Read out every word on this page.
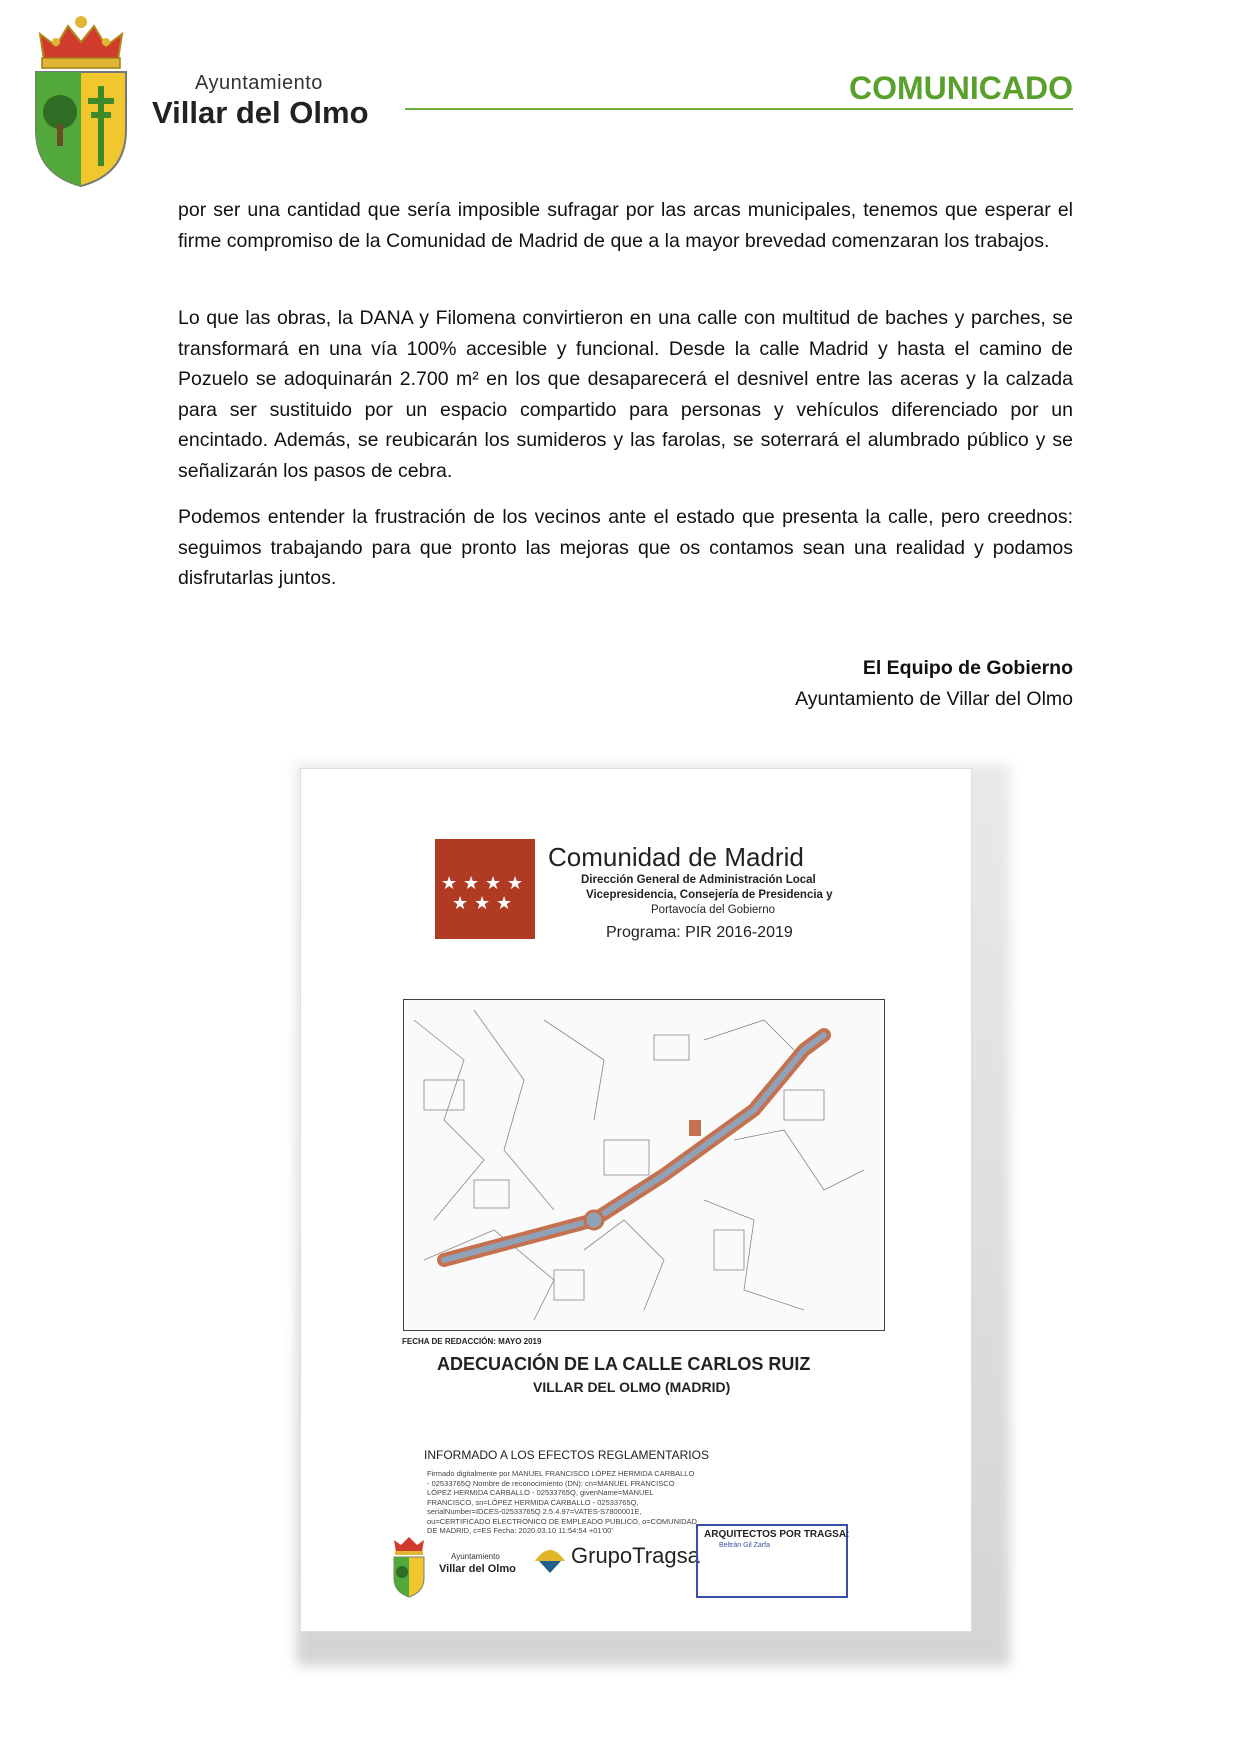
Ayuntamiento
Villar del Olmo
COMUNICADO

por ser una cantidad que sería imposible sufragar por las arcas municipales, tenemos que esperar el firme compromiso de la Comunidad de Madrid de que a la mayor brevedad comenzaran los trabajos.

Lo que las obras, la DANA y Filomena convirtieron en una calle con multitud de baches y parches, se transformará en una vía 100% accesible y funcional. Desde la calle Madrid y hasta el camino de Pozuelo se adoquinarán 2.700 m² en los que desaparecerá el desnivel entre las aceras y la calzada para ser sustituido por un espacio compartido para personas y vehículos diferenciado por un encintado. Además, se reubicarán los sumideros y las farolas, se soterrará el alumbrado público y se señalizarán los pasos de cebra.

Podemos entender la frustración de los vecinos ante el estado que presenta la calle, pero creednos: seguimos trabajando para que pronto las mejoras que os contamos sean una realidad y podamos disfrutarlas juntos.

El Equipo de Gobierno
Ayuntamiento de Villar del Olmo
★ ★ ★ ★
★ ★ ★
Comunidad de Madrid
Dirección General de Administración Local
Vicepresidencia, Consejería de Presidencia y
Portavocía del Gobierno
Programa: PIR 2016-2019
FECHA DE REDACCIÓN: MAYO 2019
ADECUACIÓN DE LA CALLE CARLOS RUIZ
VILLAR DEL OLMO (MADRID)
INFORMADO A LOS EFECTOS REGLAMENTARIOS
Firmado digitalmente por MANUEL FRANCISCO LÓPEZ HERMIDA CARBALLO - 02533765Q Nombre de reconocimiento (DN): cn=MANUEL FRANCISCO LÓPEZ HERMIDA CARBALLO - 02533765Q, givenName=MANUEL FRANCISCO, sn=LÓPEZ HERMIDA CARBALLO - 02533765Q, serialNumber=IDCES-02533765Q 2.5.4.97=VATES-S7800001E, ou=CERTIFICADO ELECTRONICO DE EMPLEADO PUBLICO, o=COMUNIDAD DE MADRID, c=ES Fecha: 2020.03.10 11:54:54 +01'00'
Ayuntamiento
Villar del Olmo
GrupoTragsa
ARQUITECTOS POR TRAGSA:
Beltrán Gil Zarfa
